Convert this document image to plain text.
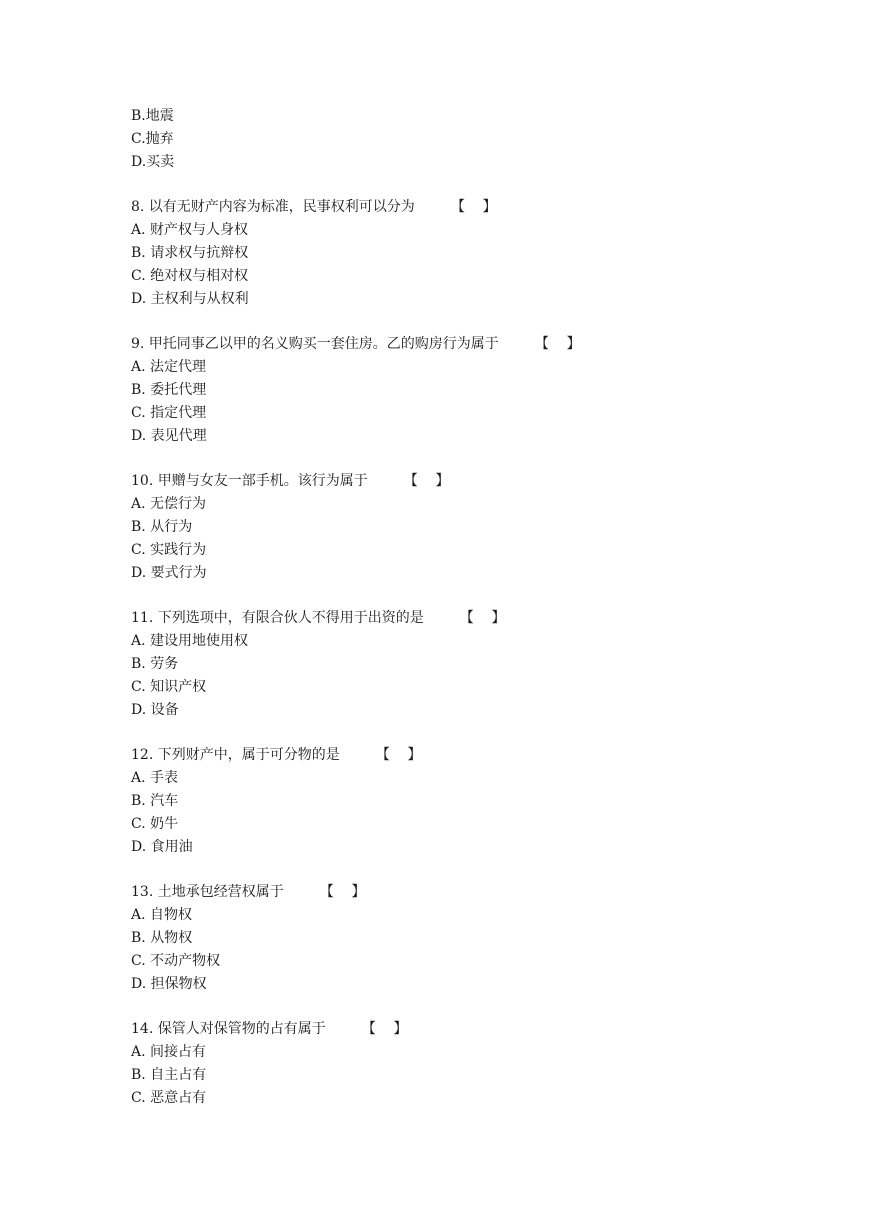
B.地震
C.抛弃
D.买卖
8. 以有无财产内容为标准，民事权利可以分为	【    】
A. 财产权与人身权
B. 请求权与抗辩权
C. 绝对权与相对权
D. 主权利与从权利
9. 甲托同事乙以甲的名义购买一套住房。乙的购房行为属于	【    】
A. 法定代理
B. 委托代理
C. 指定代理
D. 表见代理
10. 甲赠与女友一部手机。该行为属于	【    】
A. 无偿行为
B. 从行为
C. 实践行为
D. 要式行为
11. 下列选项中，有限合伙人不得用于出资的是	【    】
A. 建设用地使用权
B. 劳务
C. 知识产权
D. 设备
12. 下列财产中，属于可分物的是	【    】
A. 手表
B. 汽车
C. 奶牛
D. 食用油
13. 土地承包经营权属于	【    】
A. 自物权
B. 从物权
C. 不动产物权
D. 担保物权
14. 保管人对保管物的占有属于	【    】
A. 间接占有
B. 自主占有
C. 恶意占有
